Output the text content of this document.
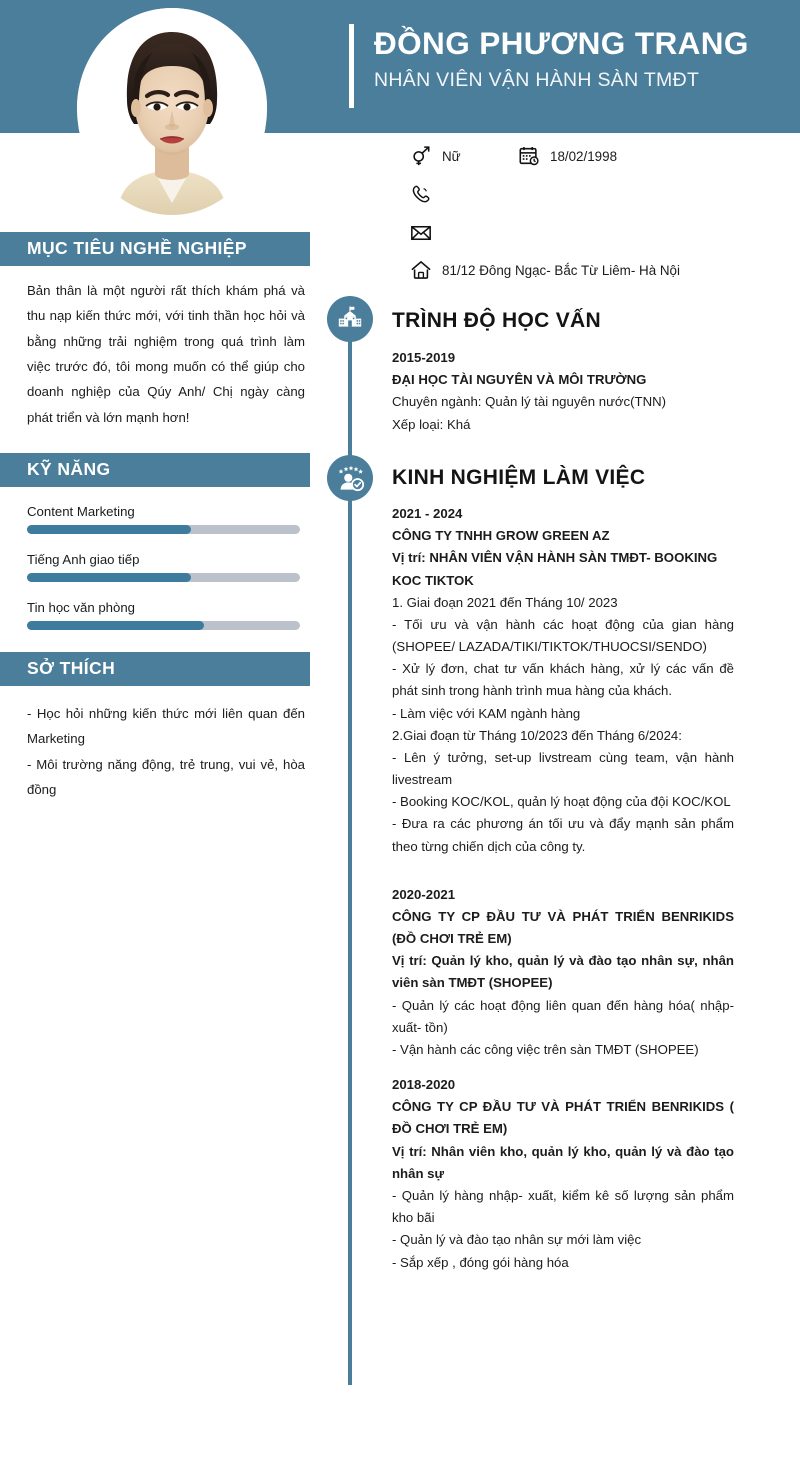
ĐỒNG PHƯƠNG TRANG
NHÂN VIÊN VẬN HÀNH SÀN TMĐT
Nữ	18/02/1998
81/12 Đông Ngạc- Bắc Từ Liêm- Hà Nội
MỤC TIÊU NGHỀ NGHIỆP

Bản thân là một người rất thích khám phá và thu nạp kiến thức mới, với tinh thần học hỏi và bằng những trải nghiệm trong quá trình làm việc trước đó, tôi mong muốn có thể giúp cho doanh nghiệp của Qúy Anh/ Chị ngày càng phát triển và lớn mạnh hơn!

KỸ NĂNG
Content Marketing
Tiếng Anh giao tiếp
Tin học văn phòng
SỞ THÍCH

- Học hỏi những kiến thức mới liên quan đến Marketing

- Môi trường năng động, trẻ trung, vui vẻ, hòa đồng

TRÌNH ĐỘ HỌC VẤN
2015-2019
ĐẠI HỌC TÀI NGUYÊN VÀ MÔI TRƯỜNG
Chuyên ngành: Quản lý tài nguyên nước(TNN)
Xếp loại: Khá
KINH NGHIỆM LÀM VIỆC
2021 - 2024
CÔNG TY TNHH GROW GREEN AZ
Vị trí: NHÂN VIÊN VẬN HÀNH SÀN TMĐT- BOOKING KOC TIKTOK
1. Giai đoạn 2021 đến Tháng 10/ 2023
- Tối ưu và vận hành các hoạt động của gian hàng (SHOPEE/ LAZADA/TIKI/TIKTOK/THUOCSI/SENDO)
- Xử lý đơn, chat tư vấn khách hàng, xử lý các vấn đề phát sinh trong hành trình mua hàng của khách.
- Làm việc với KAM ngành hàng
2.Giai đoạn từ Tháng 10/2023 đến Tháng 6/2024:
- Lên ý tưởng, set-up livstream cùng team, vận hành livestream
- Booking KOC/KOL, quản lý hoạt động của đội KOC/KOL
- Đưa ra các phương án tối ưu và đẩy mạnh sản phẩm theo từng chiến dịch của công ty.
2020-2021
CÔNG TY CP ĐẦU TƯ VÀ PHÁT TRIỂN BENRIKIDS (ĐỒ CHƠI TRẺ EM)
Vị trí: Quản lý kho, quản lý và đào tạo nhân sự, nhân viên sàn TMĐT (SHOPEE)
- Quản lý các hoạt động liên quan đến hàng hóa( nhập- xuất- tồn)
- Vận hành các công việc trên sàn TMĐT (SHOPEE)
2018-2020
CÔNG TY CP ĐẦU TƯ VÀ PHÁT TRIỂN BENRIKIDS ( ĐỒ CHƠI TRẺ EM)
Vị trí: Nhân viên kho, quản lý kho, quản lý và đào tạo nhân sự
- Quản lý hàng nhập- xuất, kiểm kê số lượng sản phẩm kho bãi
- Quản lý và đào tạo nhân sự mới làm việc
- Sắp xếp , đóng gói hàng hóa
